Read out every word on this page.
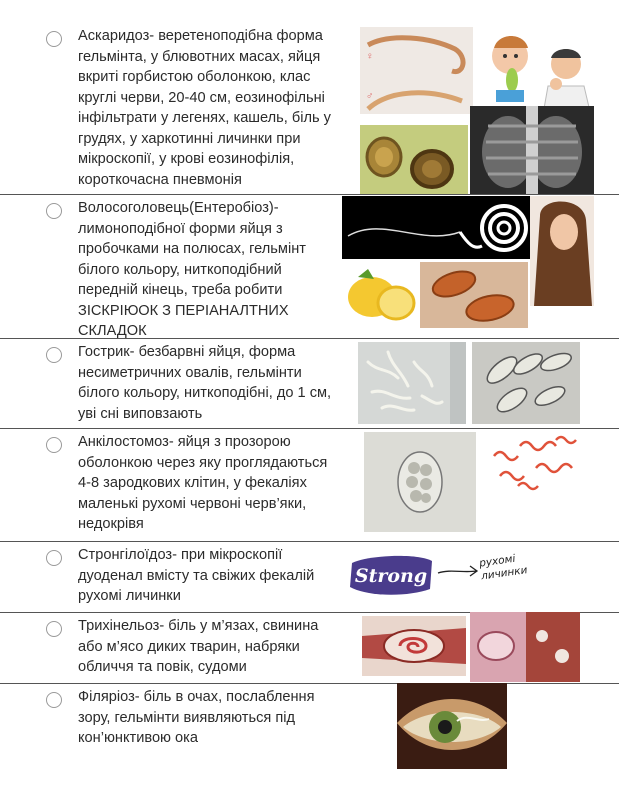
Аскаридоз- веретеноподібна форма
гельмінта, у блювотних масах, яйця
вкриті горбистою оболонкою, клас
круглі черви, 20-40 см, еозинофільні
інфільтрати у легенях, кашель, біль у
грудях, у харкотинні личинки при
мікроскопії, у крові еозинофілія,
короткочасна пневмонія
♀
♂
Волосоголовець(Ентеробіоз)-
лимоноподібної форми яйця з
пробочками на полюсах, гельмінт
білого кольору, ниткоподібний
передній кінець, треба робити
ЗІСКРІЮОК З ПЕРІАНАЛТНИХ
СКЛАДОК
Гострик- безбарвні яйця, форма
несиметричних овалів, гельмінти
білого кольору, ниткоподібні, до 1 см,
уві сні виповзають
Анкілостомоз- яйця з прозорою
оболонкою через яку проглядаються
4-8 зародкових клітин, у фекаліях
маленькі рухомі червоні черв’яки,
недокрівя
Стронгілоїдоз- при мікроскопії
дуоденал вмісту та свіжих фекалій
рухомі личинки
Strong
рухомі личинки
Трихінельоз- біль у м’язах, свинина
або м’ясо диких тварин, набряки
обличчя та повік, судоми
Філяріоз- біль в очах, послаблення
зору, гельмінти виявляються під
кон’юнктивою ока
